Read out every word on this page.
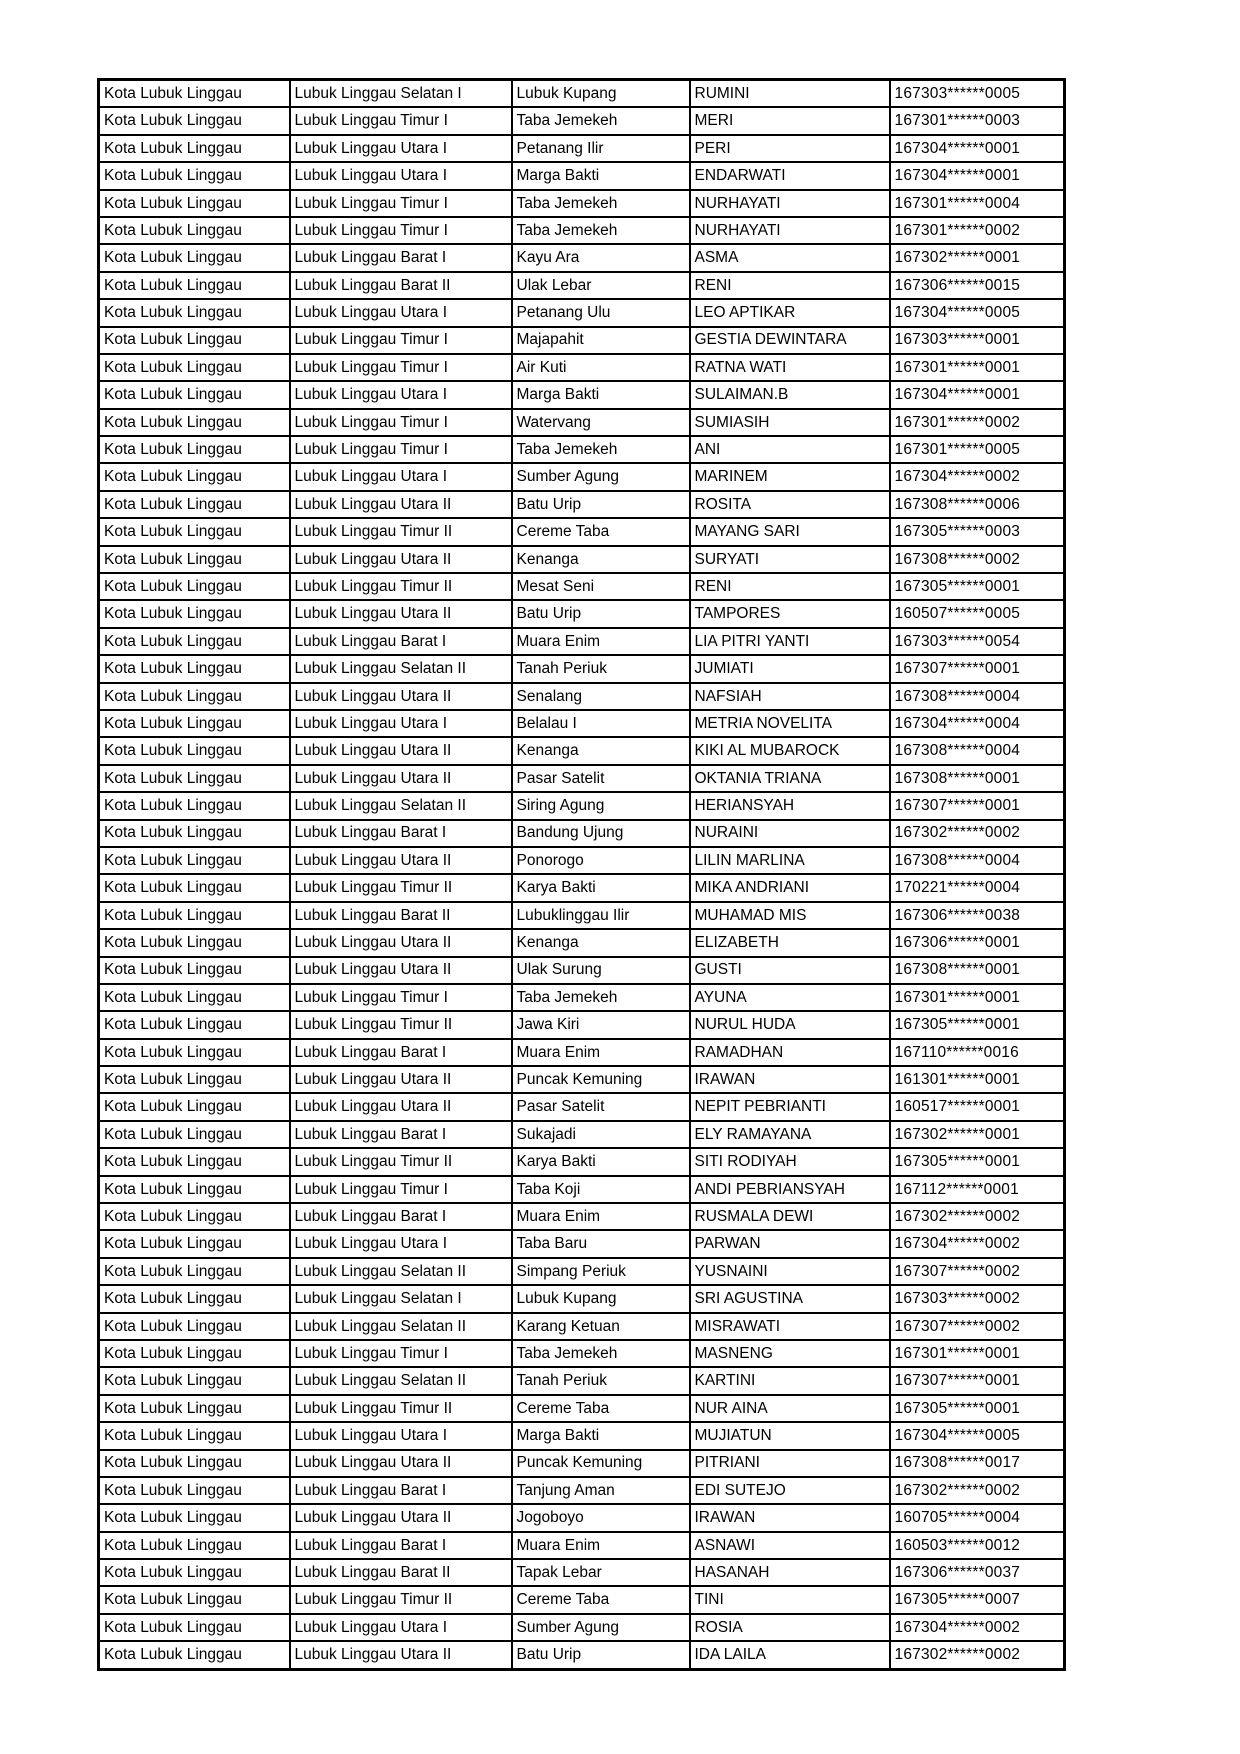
Kota Lubuk Linggau	Lubuk Linggau Selatan I	Lubuk Kupang	RUMINI	167303******0005
Kota Lubuk Linggau	Lubuk Linggau Timur I	Taba Jemekeh	MERI	167301******0003
Kota Lubuk Linggau	Lubuk Linggau Utara I	Petanang Ilir	PERI	167304******0001
Kota Lubuk Linggau	Lubuk Linggau Utara I	Marga Bakti	ENDARWATI	167304******0001
Kota Lubuk Linggau	Lubuk Linggau Timur I	Taba Jemekeh	NURHAYATI	167301******0004
Kota Lubuk Linggau	Lubuk Linggau Timur I	Taba Jemekeh	NURHAYATI	167301******0002
Kota Lubuk Linggau	Lubuk Linggau Barat I	Kayu Ara	ASMA	167302******0001
Kota Lubuk Linggau	Lubuk Linggau Barat II	Ulak Lebar	RENI	167306******0015
Kota Lubuk Linggau	Lubuk Linggau Utara I	Petanang Ulu	LEO APTIKAR	167304******0005
Kota Lubuk Linggau	Lubuk Linggau Timur I	Majapahit	GESTIA DEWINTARA	167303******0001
Kota Lubuk Linggau	Lubuk Linggau Timur I	Air Kuti	RATNA WATI	167301******0001
Kota Lubuk Linggau	Lubuk Linggau Utara I	Marga Bakti	SULAIMAN.B	167304******0001
Kota Lubuk Linggau	Lubuk Linggau Timur I	Watervang	SUMIASIH	167301******0002
Kota Lubuk Linggau	Lubuk Linggau Timur I	Taba Jemekeh	ANI	167301******0005
Kota Lubuk Linggau	Lubuk Linggau Utara I	Sumber Agung	MARINEM	167304******0002
Kota Lubuk Linggau	Lubuk Linggau Utara II	Batu Urip	ROSITA	167308******0006
Kota Lubuk Linggau	Lubuk Linggau Timur II	Cereme Taba	MAYANG SARI	167305******0003
Kota Lubuk Linggau	Lubuk Linggau Utara II	Kenanga	SURYATI	167308******0002
Kota Lubuk Linggau	Lubuk Linggau Timur II	Mesat Seni	RENI	167305******0001
Kota Lubuk Linggau	Lubuk Linggau Utara II	Batu Urip	TAMPORES	160507******0005
Kota Lubuk Linggau	Lubuk Linggau Barat I	Muara Enim	LIA PITRI YANTI	167303******0054
Kota Lubuk Linggau	Lubuk Linggau Selatan II	Tanah Periuk	JUMIATI	167307******0001
Kota Lubuk Linggau	Lubuk Linggau Utara II	Senalang	NAFSIAH	167308******0004
Kota Lubuk Linggau	Lubuk Linggau Utara I	Belalau I	METRIA NOVELITA	167304******0004
Kota Lubuk Linggau	Lubuk Linggau Utara II	Kenanga	KIKI AL MUBAROCK	167308******0004
Kota Lubuk Linggau	Lubuk Linggau Utara II	Pasar Satelit	OKTANIA TRIANA	167308******0001
Kota Lubuk Linggau	Lubuk Linggau Selatan II	Siring Agung	HERIANSYAH	167307******0001
Kota Lubuk Linggau	Lubuk Linggau Barat I	Bandung Ujung	NURAINI	167302******0002
Kota Lubuk Linggau	Lubuk Linggau Utara II	Ponorogo	LILIN MARLINA	167308******0004
Kota Lubuk Linggau	Lubuk Linggau Timur II	Karya Bakti	MIKA ANDRIANI	170221******0004
Kota Lubuk Linggau	Lubuk Linggau Barat II	Lubuklinggau Ilir	MUHAMAD MIS	167306******0038
Kota Lubuk Linggau	Lubuk Linggau Utara II	Kenanga	ELIZABETH	167306******0001
Kota Lubuk Linggau	Lubuk Linggau Utara II	Ulak Surung	GUSTI	167308******0001
Kota Lubuk Linggau	Lubuk Linggau Timur I	Taba Jemekeh	AYUNA	167301******0001
Kota Lubuk Linggau	Lubuk Linggau Timur II	Jawa Kiri	NURUL HUDA	167305******0001
Kota Lubuk Linggau	Lubuk Linggau Barat I	Muara Enim	RAMADHAN	167110******0016
Kota Lubuk Linggau	Lubuk Linggau Utara II	Puncak Kemuning	IRAWAN	161301******0001
Kota Lubuk Linggau	Lubuk Linggau Utara II	Pasar Satelit	NEPIT PEBRIANTI	160517******0001
Kota Lubuk Linggau	Lubuk Linggau Barat I	Sukajadi	ELY RAMAYANA	167302******0001
Kota Lubuk Linggau	Lubuk Linggau Timur II	Karya Bakti	SITI RODIYAH	167305******0001
Kota Lubuk Linggau	Lubuk Linggau Timur I	Taba Koji	ANDI PEBRIANSYAH	167112******0001
Kota Lubuk Linggau	Lubuk Linggau Barat I	Muara Enim	RUSMALA DEWI	167302******0002
Kota Lubuk Linggau	Lubuk Linggau Utara I	Taba Baru	PARWAN	167304******0002
Kota Lubuk Linggau	Lubuk Linggau Selatan II	Simpang Periuk	YUSNAINI	167307******0002
Kota Lubuk Linggau	Lubuk Linggau Selatan I	Lubuk Kupang	SRI AGUSTINA	167303******0002
Kota Lubuk Linggau	Lubuk Linggau Selatan II	Karang Ketuan	MISRAWATI	167307******0002
Kota Lubuk Linggau	Lubuk Linggau Timur I	Taba Jemekeh	MASNENG	167301******0001
Kota Lubuk Linggau	Lubuk Linggau Selatan II	Tanah Periuk	KARTINI	167307******0001
Kota Lubuk Linggau	Lubuk Linggau Timur II	Cereme Taba	NUR AINA	167305******0001
Kota Lubuk Linggau	Lubuk Linggau Utara I	Marga Bakti	MUJIATUN	167304******0005
Kota Lubuk Linggau	Lubuk Linggau Utara II	Puncak Kemuning	PITRIANI	167308******0017
Kota Lubuk Linggau	Lubuk Linggau Barat I	Tanjung Aman	EDI SUTEJO	167302******0002
Kota Lubuk Linggau	Lubuk Linggau Utara II	Jogoboyo	IRAWAN	160705******0004
Kota Lubuk Linggau	Lubuk Linggau Barat I	Muara Enim	ASNAWI	160503******0012
Kota Lubuk Linggau	Lubuk Linggau Barat II	Tapak Lebar	HASANAH	167306******0037
Kota Lubuk Linggau	Lubuk Linggau Timur II	Cereme Taba	TINI	167305******0007
Kota Lubuk Linggau	Lubuk Linggau Utara I	Sumber Agung	ROSIA	167304******0002
Kota Lubuk Linggau	Lubuk Linggau Utara II	Batu Urip	IDA LAILA	167302******0002
